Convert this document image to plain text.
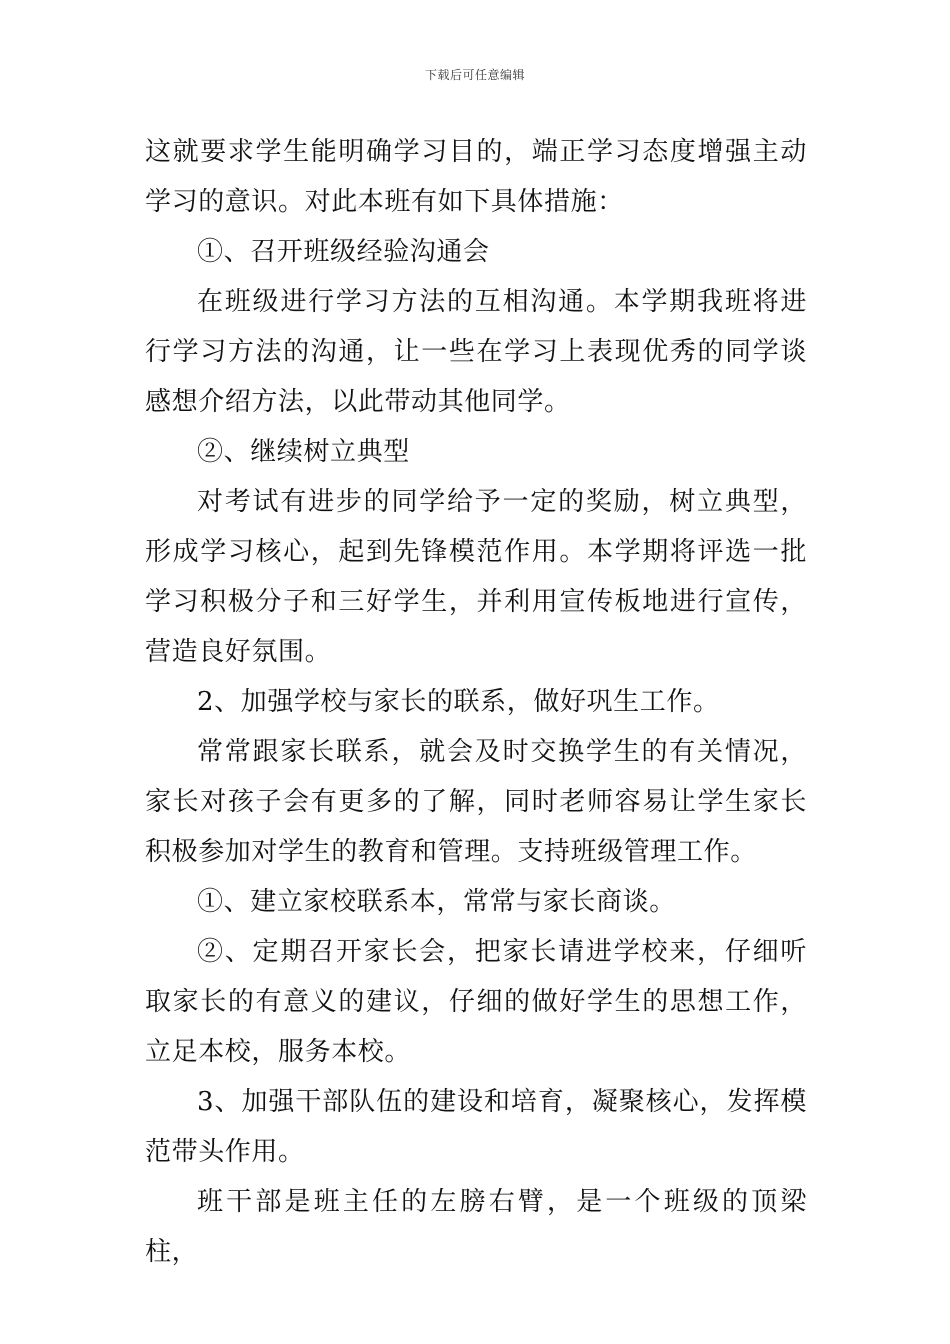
下载后可任意编辑

这就要求学生能明确学习目的，端正学习态度增强主动学习的意识。对此本班有如下具体措施：

①、召开班级经验沟通会

在班级进行学习方法的互相沟通。本学期我班将进行学习方法的沟通，让一些在学习上表现优秀的同学谈感想介绍方法，以此带动其他同学。

②、继续树立典型

对考试有进步的同学给予一定的奖励，树立典型，形成学习核心，起到先锋模范作用。本学期将评选一批学习积极分子和三好学生，并利用宣传板地进行宣传，营造良好氛围。

2、加强学校与家长的联系，做好巩生工作。

常常跟家长联系，就会及时交换学生的有关情况，家长对孩子会有更多的了解，同时老师容易让学生家长积极参加对学生的教育和管理。支持班级管理工作。

①、建立家校联系本，常常与家长商谈。

②、定期召开家长会，把家长请进学校来，仔细听取家长的有意义的建议，仔细的做好学生的思想工作，立足本校，服务本校。

3、加强干部队伍的建设和培育，凝聚核心，发挥模范带头作用。

班干部是班主任的左膀右臂，是一个班级的顶梁柱，
